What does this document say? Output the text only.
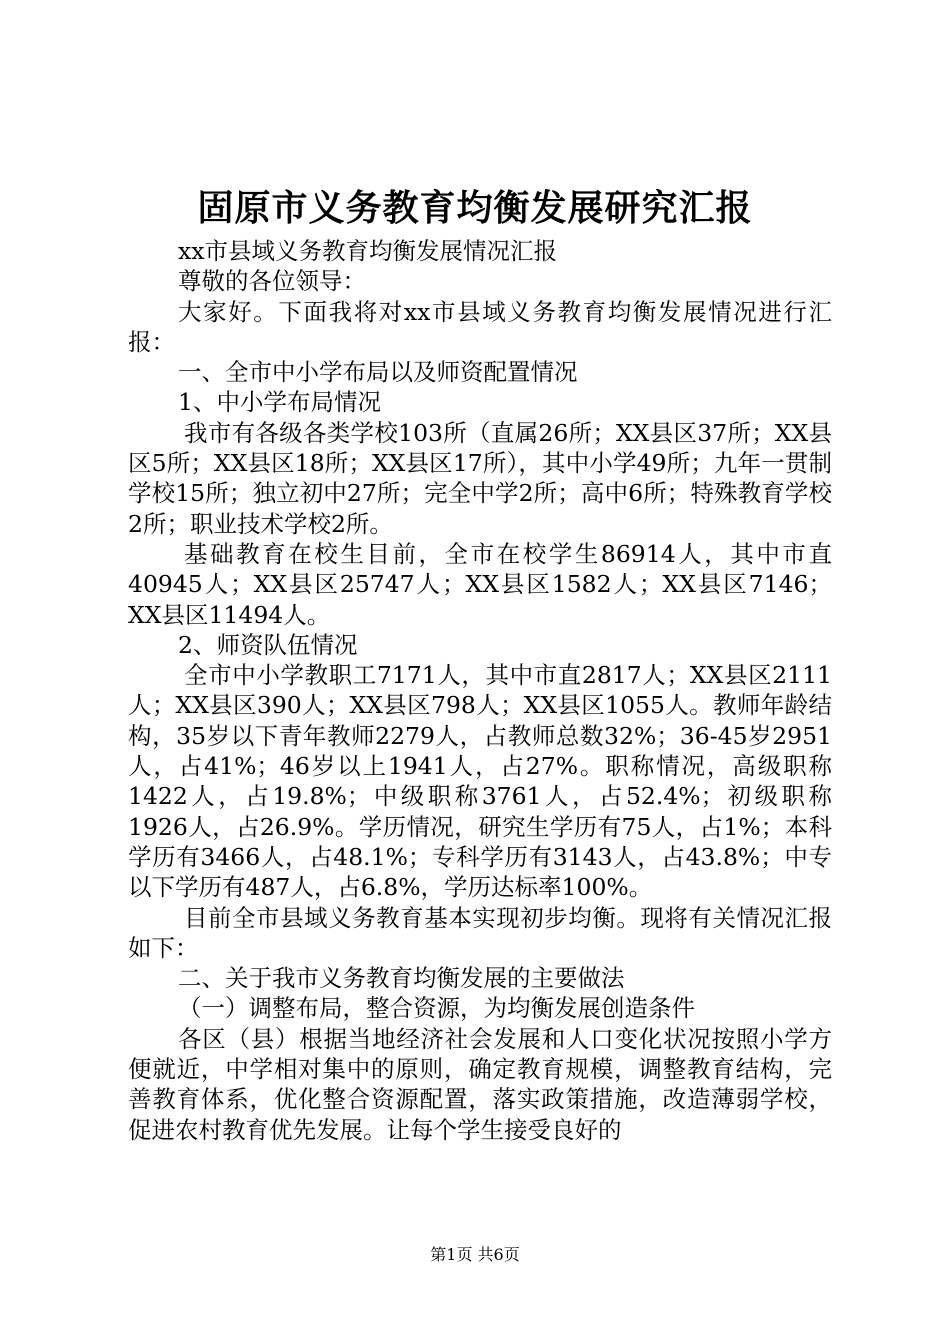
固原市义务教育均衡发展研究汇报

xx市县域义务教育均衡发展情况汇报

尊敬的各位领导：

大家好。下面我将对xx市县域义务教育均衡发展情况进行汇报：

一、全市中小学布局以及师资配置情况

1、中小学布局情况

我市有各级各类学校103所（直属26所；XX县区37所；XX县区5所；XX县区18所；XX县区17所），其中小学49所；九年一贯制学校15所；独立初中27所；完全中学2所；高中6所；特殊教育学校2所；职业技术学校2所。

基础教育在校生目前，全市在校学生86914人，其中市直40945人；XX县区25747人；XX县区1582人；XX县区7146；XX县区11494人。

2、师资队伍情况

全市中小学教职工7171人，其中市直2817人；XX县区2111人；XX县区390人；XX县区798人；XX县区1055人。教师年龄结构，35岁以下青年教师2279人，占教师总数32%；36-45岁2951人，占41%；46岁以上1941人，占27%。职称情况，高级职称1422人，占19.8%；中级职称3761人，占52.4%；初级职称1926人，占26.9%。学历情况，研究生学历有75人，占1%；本科学历有3466人，占48.1%；专科学历有3143人，占43.8%；中专以下学历有487人，占6.8%，学历达标率100%。

目前全市县域义务教育基本实现初步均衡。现将有关情况汇报如下：

二、关于我市义务教育均衡发展的主要做法

（一）调整布局，整合资源，为均衡发展创造条件

各区（县）根据当地经济社会发展和人口变化状况按照小学方便就近，中学相对集中的原则，确定教育规模，调整教育结构，完善教育体系，优化整合资源配置，落实政策措施，改造薄弱学校，促进农村教育优先发展。让每个学生接受良好的

第1页 共6页
